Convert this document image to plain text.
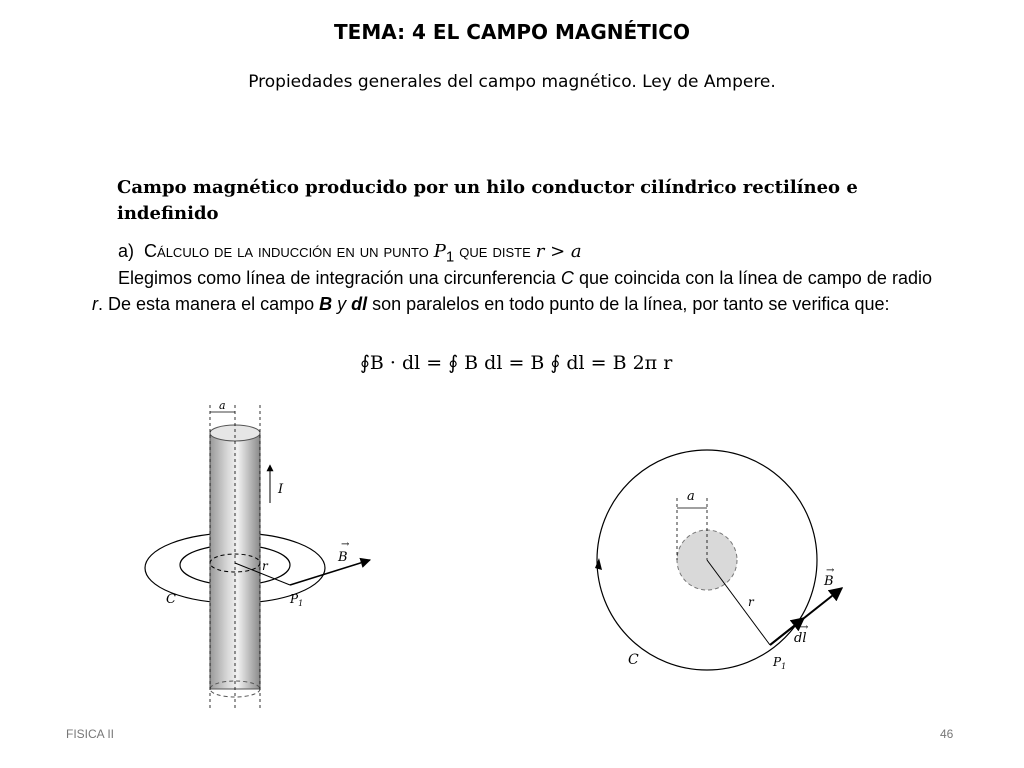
TEMA: 4 EL CAMPO MAGNÉTICO
Propiedades generales del campo magnético. Ley de Ampere.
Campo magnético producido por un hilo conductor cilíndrico rectilíneo e indefinido
a) Cálculo de la inducción en un punto $P_1$ que diste r > a
Elegimos como línea de integración una circunferencia C que coincida con la línea de campo de radio r. De esta manera el campo B y dl son paralelos en todo punto de la línea, por tanto se verifica que:
∮B · dl = ∮ B dl = B ∮ dl = B 2π r
a
I
r
B
→
C	$P_1$
a
r
B
→
dl
→
C	$P_1$
FISICA II	46
